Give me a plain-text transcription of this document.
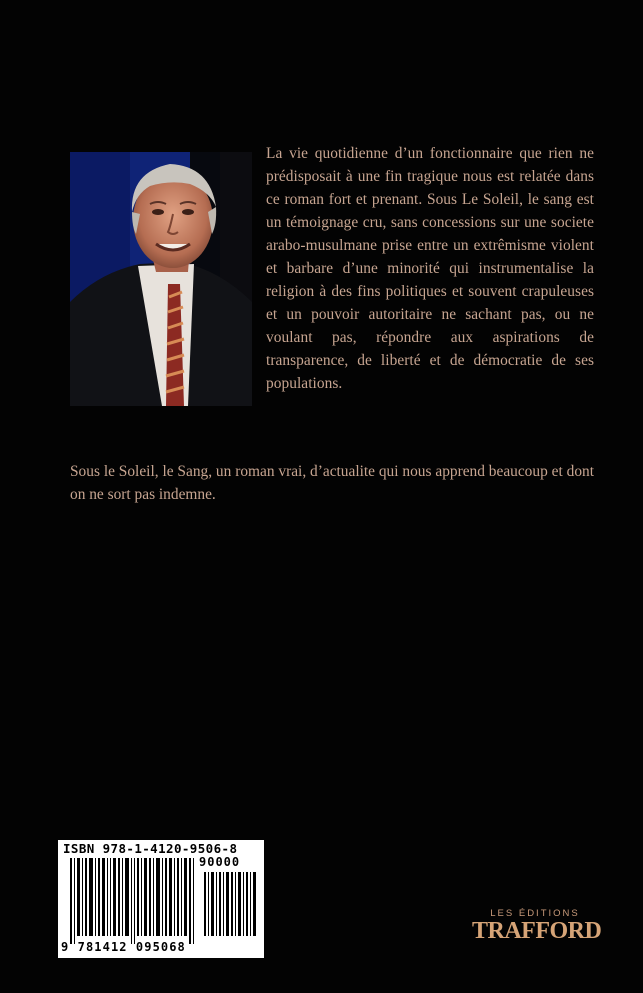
La vie quotidienne d’un fonctionnaire que rien ne prédisposait à une fin tragique nous est relatée dans ce roman fort et prenant. Sous Le Soleil, le sang est un témoignage cru, sans concessions sur une societe arabo-musulmane prise entre un extrêmisme violent et barbare d’une minorité qui instrumentalise la religion à des fins politiques et souvent crapuleuses et un pouvoir autoritaire ne sachant pas, ou ne voulant pas, répondre aux aspirations de transparence, de liberté et de démocratie de ses populations.
Sous le Soleil, le Sang, un roman vrai, d’actualite qui nous apprend beaucoup et dont on ne sort pas indemne.
ISBN 978-1-4120-9506-8
90000
9 781412 095068
LES ÉDITIONS
TRAFFORD
